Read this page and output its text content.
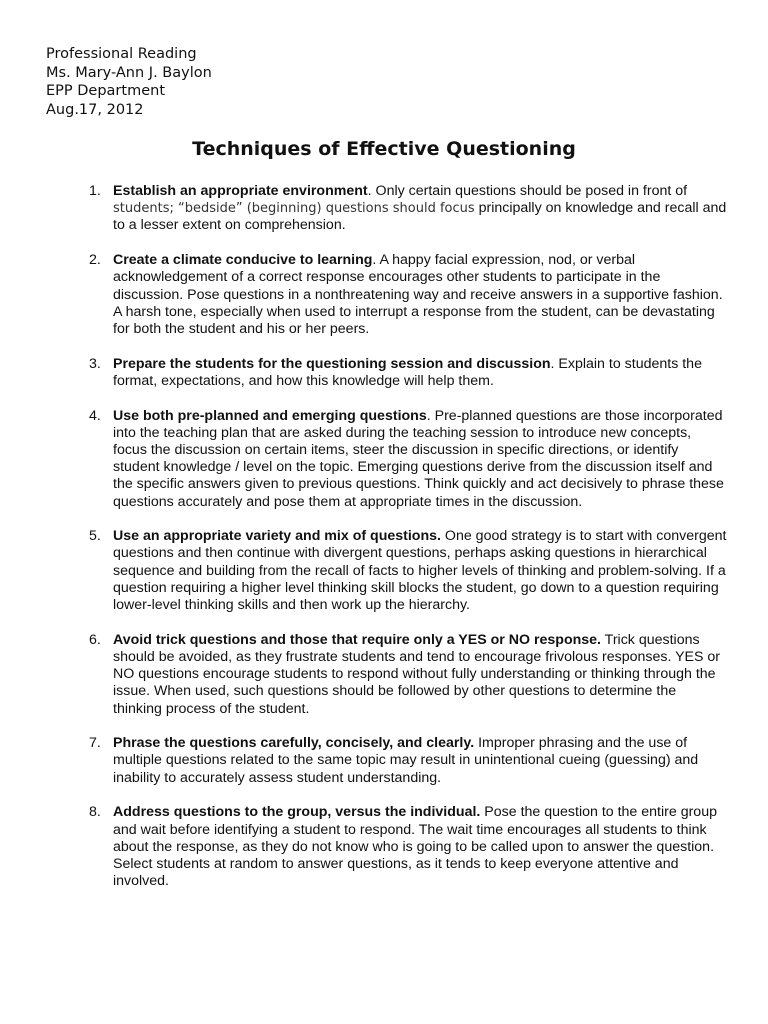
Professional Reading
Ms. Mary-Ann J. Baylon
EPP Department
Aug.17, 2012
Techniques of Effective Questioning
1. Establish an appropriate environment. Only certain questions should be posed in front of students; “bedside” (beginning) questions should focus principally on knowledge and recall and to a lesser extent on comprehension.
2. Create a climate conducive to learning. A happy facial expression, nod, or verbal acknowledgement of a correct response encourages other students to participate in the discussion. Pose questions in a nonthreatening way and receive answers in a supportive fashion. A harsh tone, especially when used to interrupt a response from the student, can be devastating for both the student and his or her peers.
3. Prepare the students for the questioning session and discussion. Explain to students the format, expectations, and how this knowledge will help them.
4. Use both pre-planned and emerging questions. Pre-planned questions are those incorporated into the teaching plan that are asked during the teaching session to introduce new concepts, focus the discussion on certain items, steer the discussion in specific directions, or identify student knowledge / level on the topic. Emerging questions derive from the discussion itself and the specific answers given to previous questions. Think quickly and act decisively to phrase these questions accurately and pose them at appropriate times in the discussion.
5. Use an appropriate variety and mix of questions. One good strategy is to start with convergent questions and then continue with divergent questions, perhaps asking questions in hierarchical sequence and building from the recall of facts to higher levels of thinking and problem-solving. If a question requiring a higher level thinking skill blocks the student, go down to a question requiring lower-level thinking skills and then work up the hierarchy.
6. Avoid trick questions and those that require only a YES or NO response. Trick questions should be avoided, as they frustrate students and tend to encourage frivolous responses. YES or NO questions encourage students to respond without fully understanding or thinking through the issue. When used, such questions should be followed by other questions to determine the thinking process of the student.
7. Phrase the questions carefully, concisely, and clearly. Improper phrasing and the use of multiple questions related to the same topic may result in unintentional cueing (guessing) and inability to accurately assess student understanding.
8. Address questions to the group, versus the individual. Pose the question to the entire group and wait before identifying a student to respond. The wait time encourages all students to think about the response, as they do not know who is going to be called upon to answer the question. Select students at random to answer questions, as it tends to keep everyone attentive and involved.
